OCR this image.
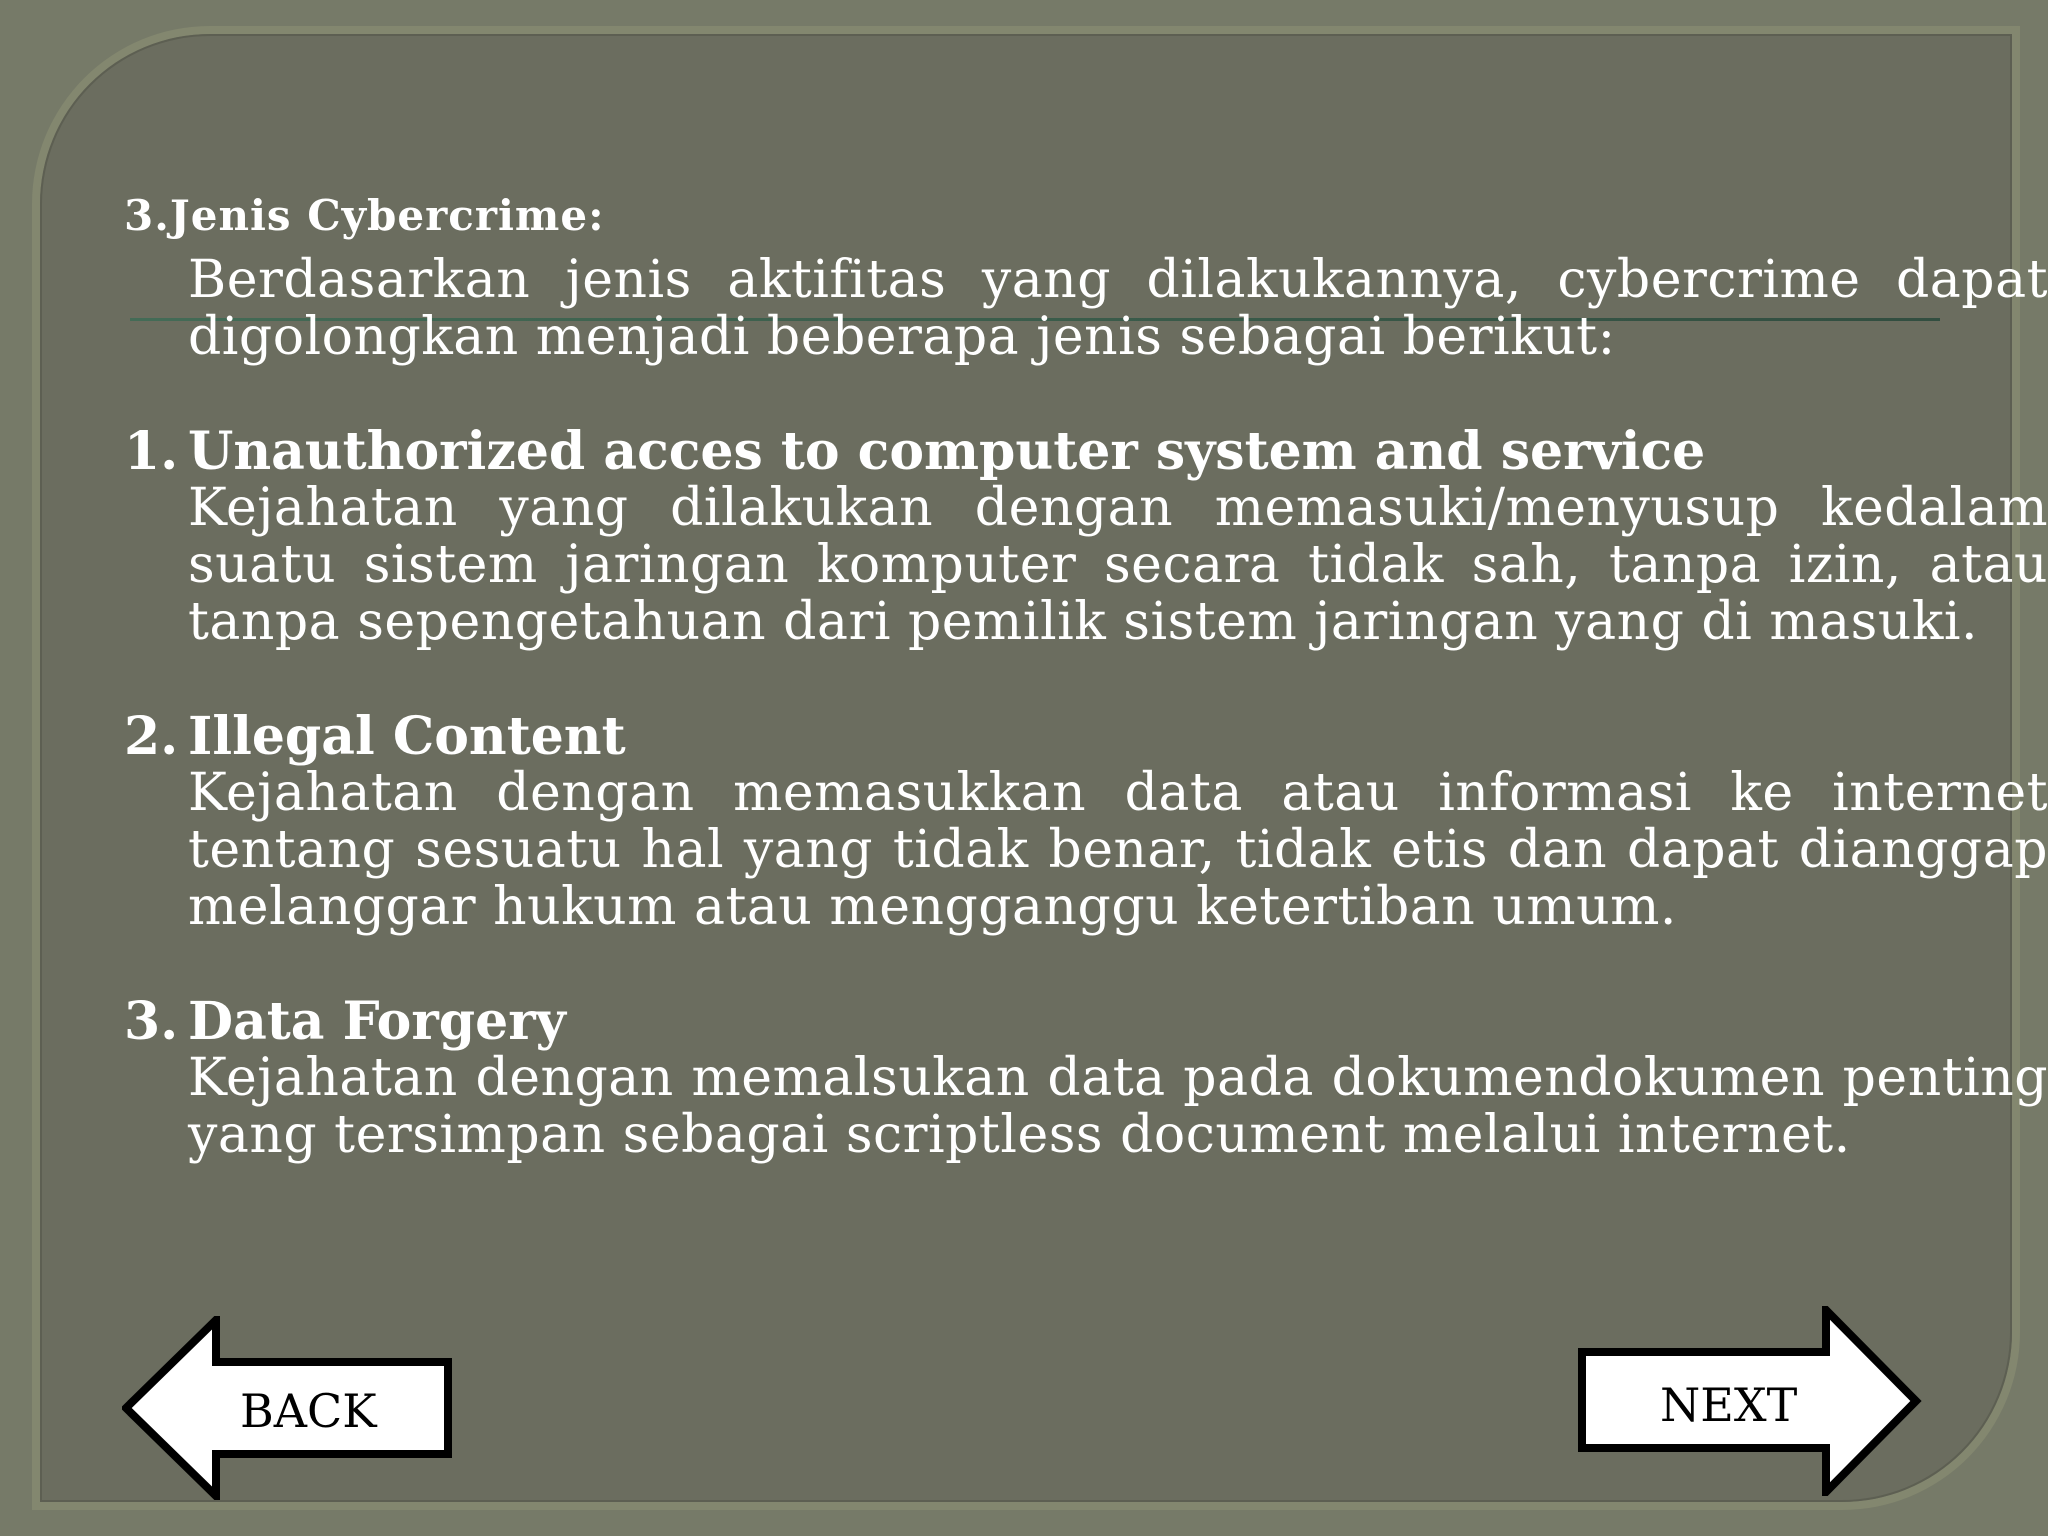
3.Jenis Cybercrime:

Berdasarkan jenis aktifitas yang dilakukannya, cybercrime dapat digolongkan menjadi beberapa jenis sebagai berikut:

1. Unauthorized acces to computer system and service
Kejahatan yang dilakukan dengan memasuki/menyusup kedalam suatu sistem jaringan komputer secara tidak sah, tanpa izin, atau tanpa sepengetahuan dari pemilik sistem jaringan yang di masuki.
2. Illegal Content
Kejahatan dengan memasukkan data atau informasi ke internet tentang sesuatu hal yang tidak benar, tidak etis dan dapat dianggap melanggar hukum atau mengganggu ketertiban umum.
3. Data Forgery
Kejahatan dengan memalsukan data pada dokumendokumen penting yang tersimpan sebagai scriptless document melalui internet.
BACK	NEXT
